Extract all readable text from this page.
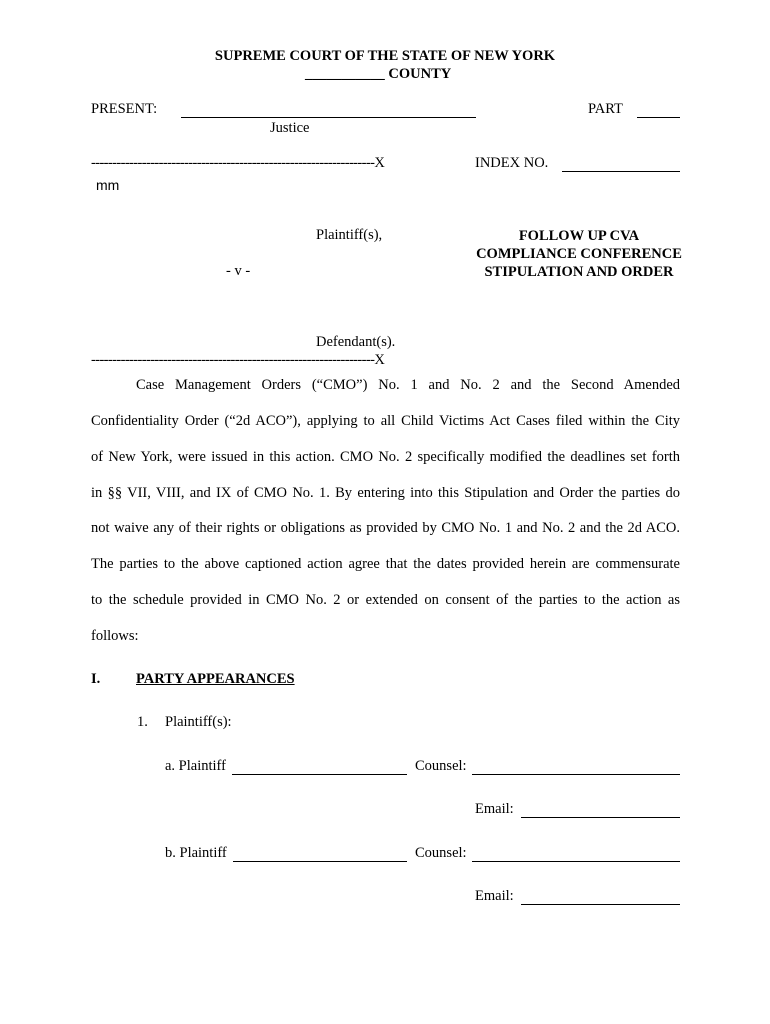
SUPREME COURT OF THE STATE OF NEW YORK
___________ COUNTY
PRESENT:
Justice
PART
-------------------------------------------------------------------X	INDEX NO.
mm
Plaintiff(s),
- v -
Defendant(s).
-------------------------------------------------------------------X
FOLLOW UP CVA
COMPLIANCE CONFERENCE
STIPULATION AND ORDER
Case Management Orders (“CMO”) No. 1 and No. 2 and the Second Amended
Confidentiality Order (“2d ACO”), applying to all Child Victims Act Cases filed within the City
of New York, were issued in this action. CMO No. 2 specifically modified the deadlines set forth
in §§ VII, VIII, and IX of CMO No. 1. By entering into this Stipulation and Order the parties do
not waive any of their rights or obligations as provided by CMO No. 1 and No. 2 and the 2d ACO.
The parties to the above captioned action agree that the dates provided herein are commensurate
to the schedule provided in CMO No. 2 or extended on consent of the parties to the action as
follows:
I. PARTY APPEARANCES
1. Plaintiff(s):
a. Plaintiff	Counsel:
Email:
b. Plaintiff	Counsel:
Email:
